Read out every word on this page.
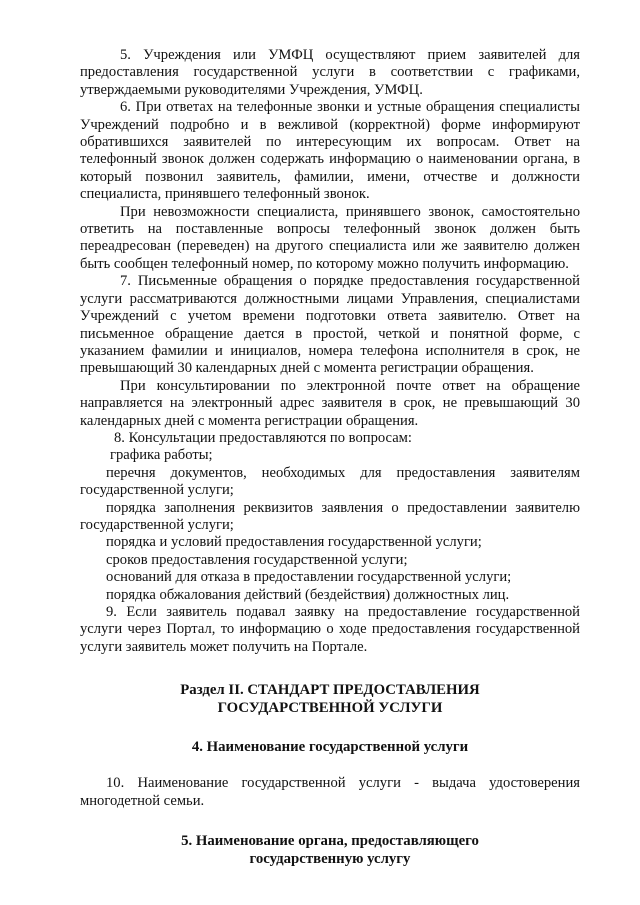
5. Учреждения или УМФЦ осуществляют прием заявителей для предоставления государственной услуги в соответствии с графиками, утверждаемыми руководителями Учреждения, УМФЦ.

6. При ответах на телефонные звонки и устные обращения специалисты Учреждений подробно и в вежливой (корректной) форме информируют обратившихся заявителей по интересующим их вопросам. Ответ на телефонный звонок должен содержать информацию о наименовании органа, в который позвонил заявитель, фамилии, имени, отчестве и должности специалиста, принявшего телефонный звонок.

При невозможности специалиста, принявшего звонок, самостоятельно ответить на поставленные вопросы телефонный звонок должен быть переадресован (переведен) на другого специалиста или же заявителю должен быть сообщен телефонный номер, по которому можно получить информацию.

7. Письменные обращения о порядке предоставления государственной услуги рассматриваются должностными лицами Управления, специалистами Учреждений с учетом времени подготовки ответа заявителю. Ответ на письменное обращение дается в простой, четкой и понятной форме, с указанием фамилии и инициалов, номера телефона исполнителя в срок, не превышающий 30 календарных дней с момента регистрации обращения.

При консультировании по электронной почте ответ на обращение направляется на электронный адрес заявителя в срок, не превышающий 30 календарных дней с момента регистрации обращения.

8. Консультации предоставляются по вопросам:

графика работы;

перечня документов, необходимых для предоставления заявителям государственной услуги;

порядка заполнения реквизитов заявления о предоставлении заявителю государственной услуги;

порядка и условий предоставления государственной услуги;

сроков предоставления государственной услуги;

оснований для отказа в предоставлении государственной услуги;

порядка обжалования действий (бездействия) должностных лиц.

9. Если заявитель подавал заявку на предоставление государственной услуги через Портал, то информацию о ходе предоставления государственной услуги заявитель может получить на Портале.

Раздел II. СТАНДАРТ ПРЕДОСТАВЛЕНИЯ
ГОСУДАРСТВЕННОЙ УСЛУГИ
4. Наименование государственной услуги

10. Наименование государственной услуги - выдача удостоверения многодетной семьи.

5. Наименование органа, предоставляющего
государственную услугу
